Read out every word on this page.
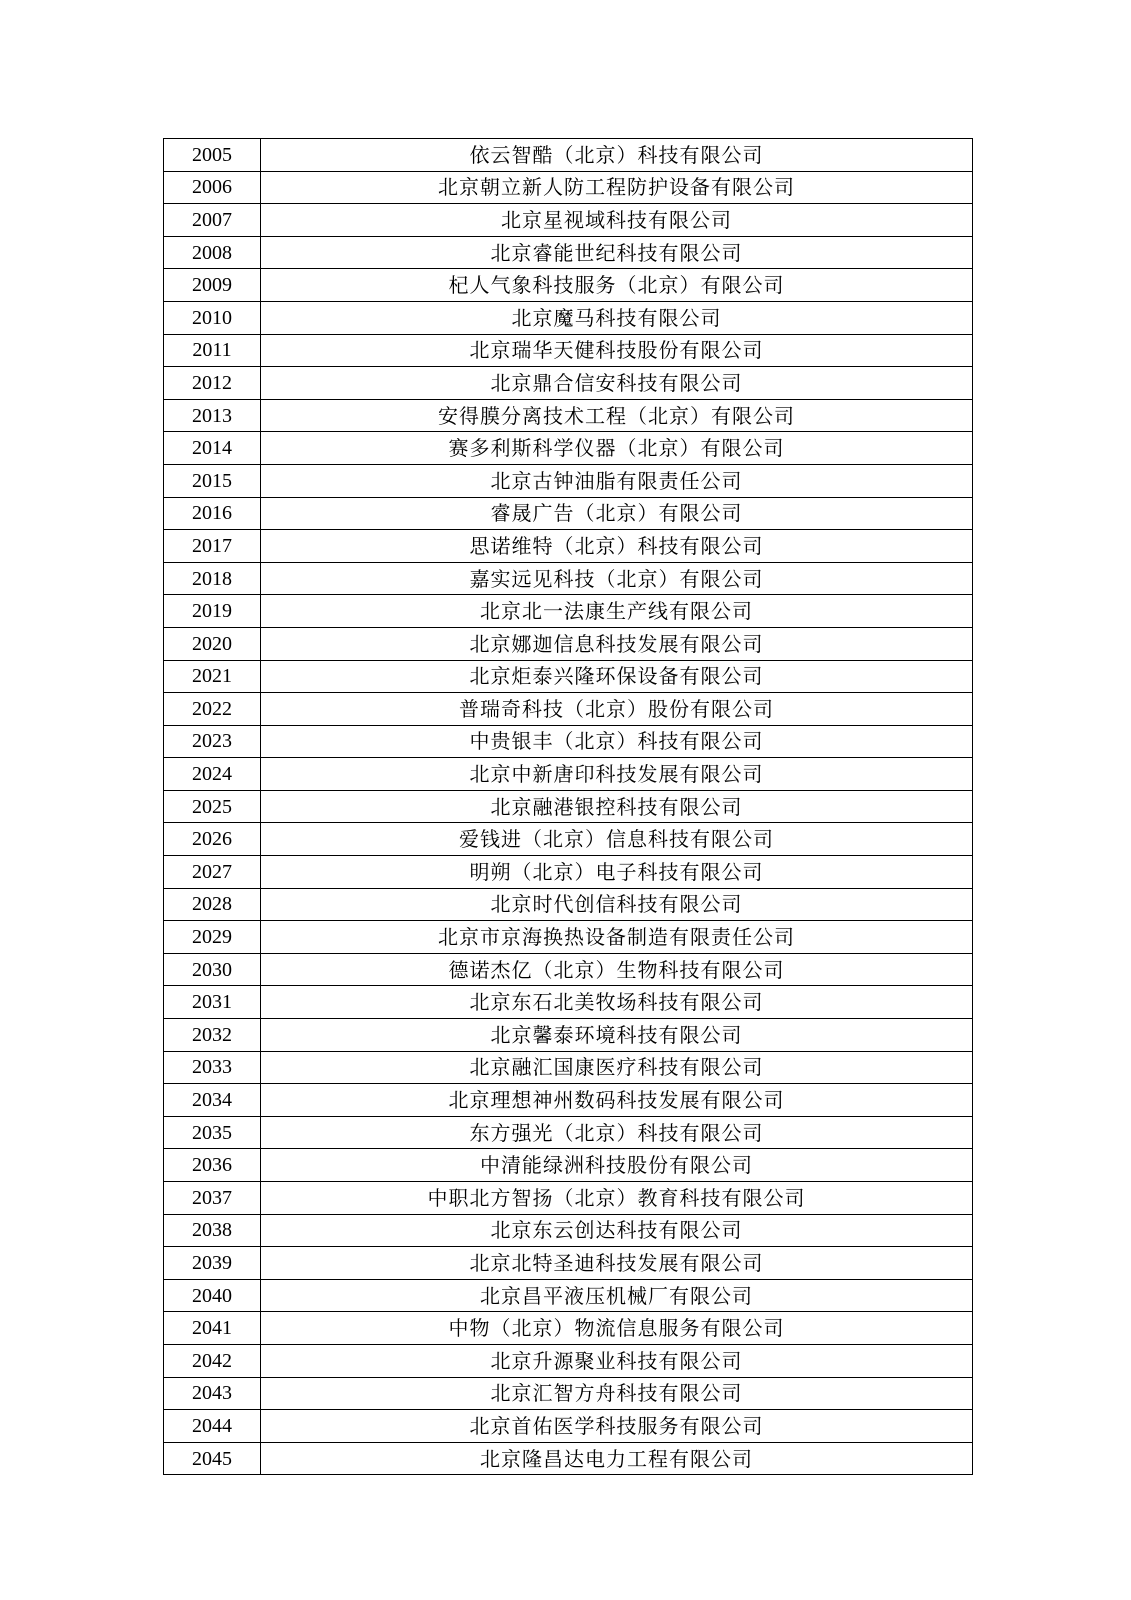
2005	依云智酷（北京）科技有限公司
2006	北京朝立新人防工程防护设备有限公司
2007	北京星视域科技有限公司
2008	北京睿能世纪科技有限公司
2009	杞人气象科技服务（北京）有限公司
2010	北京魔马科技有限公司
2011	北京瑞华天健科技股份有限公司
2012	北京鼎合信安科技有限公司
2013	安得膜分离技术工程（北京）有限公司
2014	赛多利斯科学仪器（北京）有限公司
2015	北京古钟油脂有限责任公司
2016	睿晟广告（北京）有限公司
2017	思诺维特（北京）科技有限公司
2018	嘉实远见科技（北京）有限公司
2019	北京北一法康生产线有限公司
2020	北京娜迦信息科技发展有限公司
2021	北京炬泰兴隆环保设备有限公司
2022	普瑞奇科技（北京）股份有限公司
2023	中贵银丰（北京）科技有限公司
2024	北京中新唐印科技发展有限公司
2025	北京融港银控科技有限公司
2026	爱钱进（北京）信息科技有限公司
2027	明朔（北京）电子科技有限公司
2028	北京时代创信科技有限公司
2029	北京市京海换热设备制造有限责任公司
2030	德诺杰亿（北京）生物科技有限公司
2031	北京东石北美牧场科技有限公司
2032	北京馨泰环境科技有限公司
2033	北京融汇国康医疗科技有限公司
2034	北京理想神州数码科技发展有限公司
2035	东方强光（北京）科技有限公司
2036	中清能绿洲科技股份有限公司
2037	中职北方智扬（北京）教育科技有限公司
2038	北京东云创达科技有限公司
2039	北京北特圣迪科技发展有限公司
2040	北京昌平液压机械厂有限公司
2041	中物（北京）物流信息服务有限公司
2042	北京升源聚业科技有限公司
2043	北京汇智方舟科技有限公司
2044	北京首佑医学科技服务有限公司
2045	北京隆昌达电力工程有限公司
